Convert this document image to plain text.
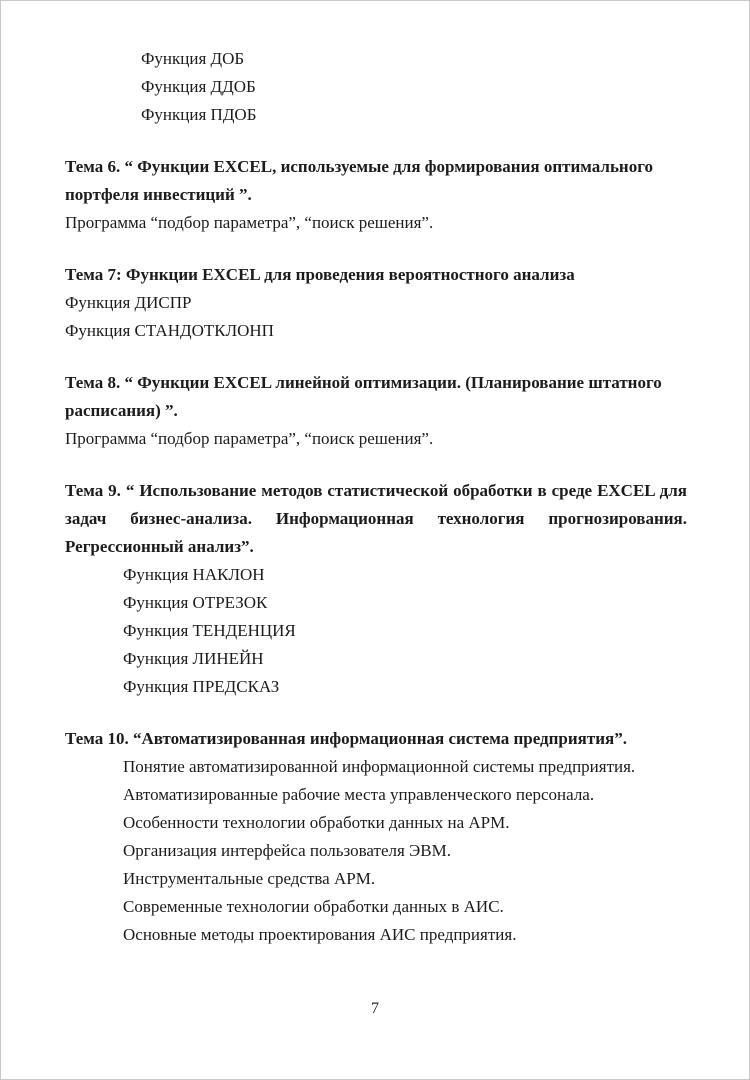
Функция ДОБ
Функция ДДОБ
Функция ПДОБ

Тема 6. “ Функции EXCEL, используемые для формирования оптимального портфеля инвестиций ”.

Программа “подбор параметра”, “поиск решения”.

Тема 7: Функции EXCEL для проведения вероятностного анализа

Функция ДИСПР
Функция СТАНДОТКЛОНП

Тема 8. “ Функции EXCEL линейной оптимизации. (Планирование штатного расписания) ”.

Программа “подбор параметра”, “поиск решения”.

Тема 9. “ Использование методов статистической обработки в среде EXCEL для задач бизнес-анализа. Информационная технология прогнозирования. Регрессионный анализ”.

Функция НАКЛОН
Функция ОТРЕЗОК
Функция ТЕНДЕНЦИЯ
Функция ЛИНЕЙН
Функция ПРЕДСКАЗ

Тема 10. “Автоматизированная информационная система предприятия”.

Понятие автоматизированной информационной системы предприятия.
Автоматизированные рабочие места управленческого персонала.
Особенности технологии обработки данных на АРМ.
Организация интерфейса пользователя ЭВМ.
Инструментальные средства АРМ.
Современные технологии обработки данных в АИС.
Основные методы проектирования АИС предприятия.
7
